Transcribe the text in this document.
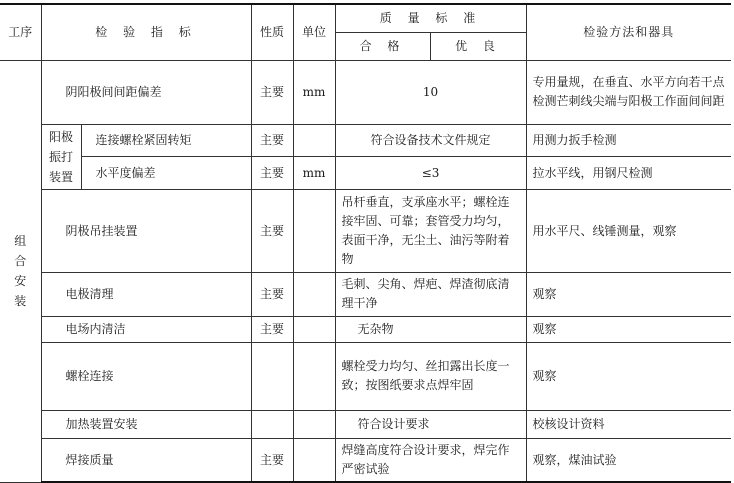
工序	检 验 指 标		性质	单位	质 量 标 准		检验方法和器具
					合 格	优 良	

组
合
安
装	阴阳极间间距偏差		主要	mm	10		专用量规，在垂直、水平方向若干点检测芒刺线尖端与阳极工作面间间距

	阳极
振打
装置	连接螺栓紧固转矩	主要		符合设备技术文件规定		用测力扳手检测
		水平度偏差	主要	mm	≤3		拉水平线，用钢尺检测
	阴极吊挂装置		主要		吊杆垂直，支承座水平；螺栓连接牢固、可靠；套管受力均匀，表面干净，无尘土、油污等附着物		用水平尺、线锤测量，观察
	电极清理		主要		毛刺、尖角、焊疤、焊渣彻底清理干净		观察
	电场内清洁		主要		无杂物		观察
	螺栓连接				螺栓受力均匀、丝扣露出长度一致；按图纸要求点焊牢固		观察
	加热装置安装				符合设计要求		校核设计资料
	焊接质量		主要		焊缝高度符合设计要求，焊完作严密试验		观察，煤油试验
